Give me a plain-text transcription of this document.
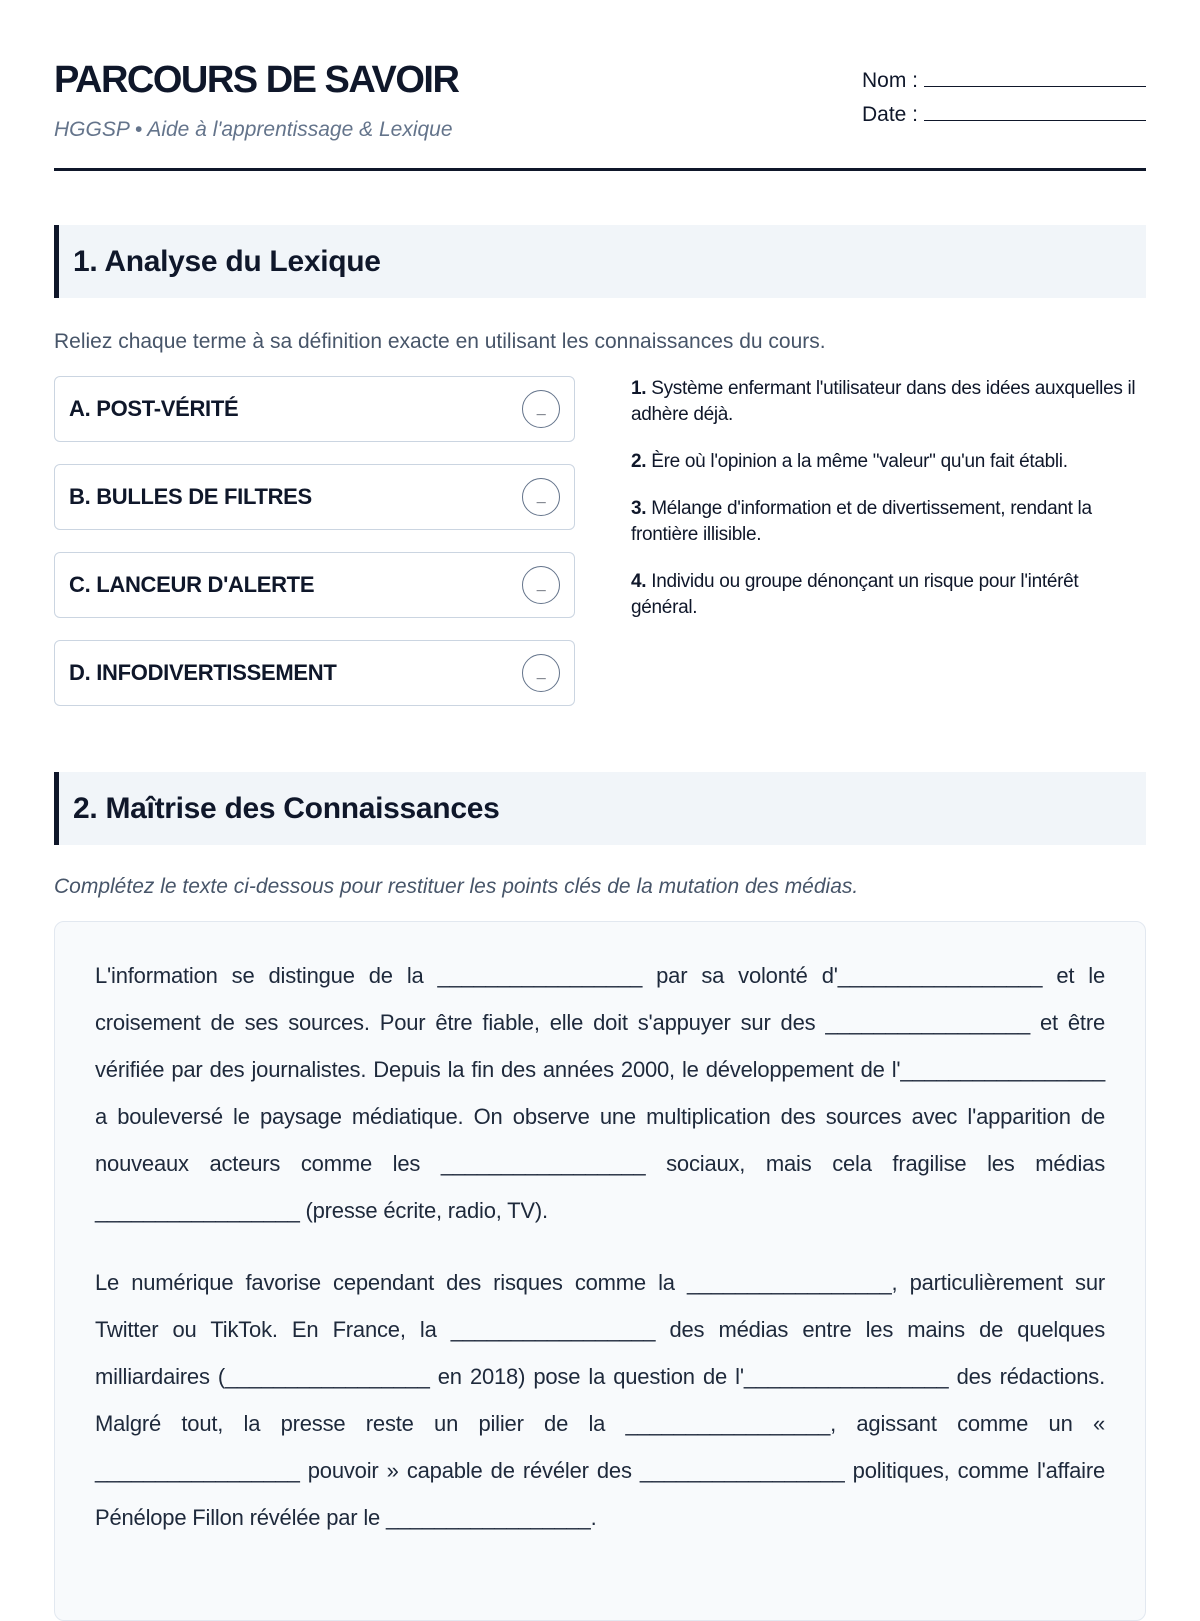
PARCOURS DE SAVOIR
HGGSP • Aide à l'apprentissage & Lexique
Nom :
Date :
1. Analyse du Lexique
Reliez chaque terme à sa définition exacte en utilisant les connaissances du cours.
A. POST-VÉRITÉ	_
B. BULLES DE FILTRES	_
C. LANCEUR D'ALERTE	_
D. INFODIVERTISSEMENT	_
1. Système enfermant l'utilisateur dans des idées auxquelles il adhère déjà.
2. Ère où l'opinion a la même "valeur" qu'un fait établi.
3. Mélange d'information et de divertissement, rendant la frontière illisible.
4. Individu ou groupe dénonçant un risque pour l'intérêt général.
2. Maîtrise des Connaissances
Complétez le texte ci-dessous pour restituer les points clés de la mutation des médias.

L'information se distingue de la _________________ par sa volonté d'_________________ et le croisement de ses sources. Pour être fiable, elle doit s'appuyer sur des _________________ et être vérifiée par des journalistes. Depuis la fin des années 2000, le développement de l'_________________ a bouleversé le paysage médiatique. On observe une multiplication des sources avec l'apparition de nouveaux acteurs comme les _________________ sociaux, mais cela fragilise les médias _________________ (presse écrite, radio, TV).

Le numérique favorise cependant des risques comme la _________________, particulièrement sur Twitter ou TikTok. En France, la _________________ des médias entre les mains de quelques milliardaires (_________________ en 2018) pose la question de l'_________________ des rédactions. Malgré tout, la presse reste un pilier de la _________________, agissant comme un « _________________ pouvoir » capable de révéler des _________________ politiques, comme l'affaire Pénélope Fillon révélée par le _________________.
